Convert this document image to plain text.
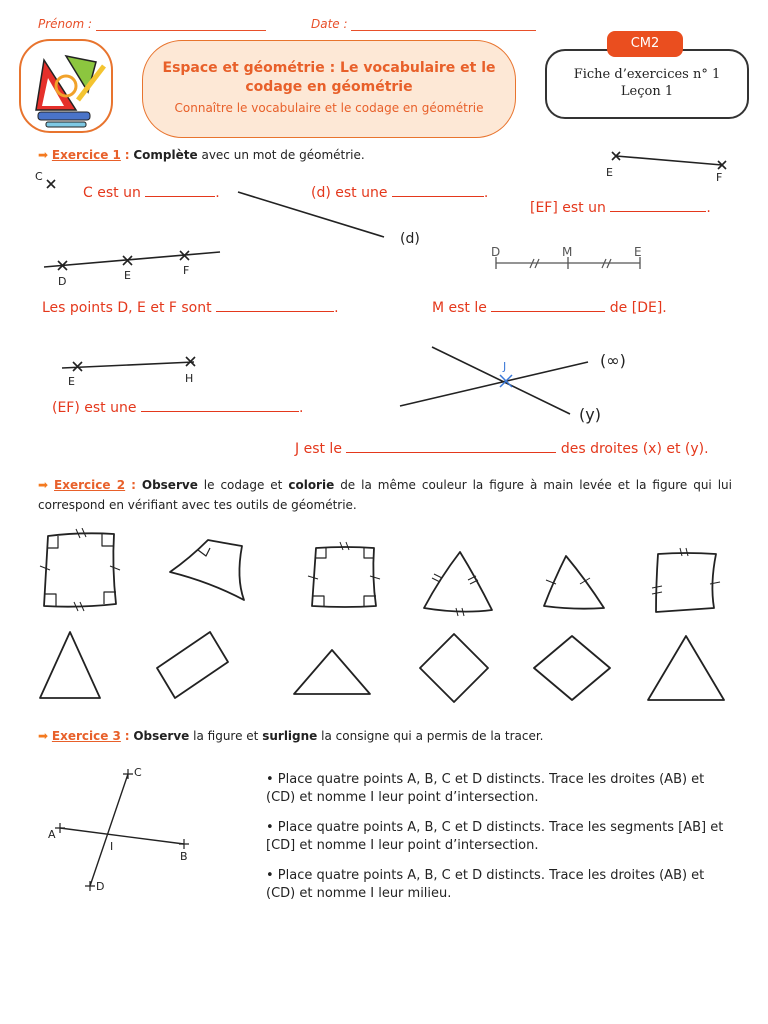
Prénom :	Date :
Espace et géométrie : Le vocabulaire et le
codage en géométrie
Connaître le vocabulaire et le codage en géométrie
Fiche d’exercices n° 1
Leçon 1
CM2
➡ Exercice 1 : Complète avec un mot de géométrie.
C	E	F
D	E	F
E	H
D	M	E
(d)
J	(∞)
(y)
C est un	.	(d) est une	.
[EF] est un	.
Les points D, E et F sont	.	M est le	de [DE].
(EF) est une	.
J est le	des droites (x) et (y).
➡ Exercice 2 : Observe le codage et colorie de la même couleur la figure à main levée et la figure qui lui correspond en vérifiant avec tes outils de géométrie.
➡ Exercice 3 : Observe la figure et surligne la consigne qui a permis de la tracer.
A
B
C
D
I
• Place quatre points A, B, C et D distincts. Trace les droites (AB) et (CD) et nomme I leur point d’intersection.
• Place quatre points A, B, C et D distincts. Trace les segments [AB] et [CD] et nomme I leur point d’intersection.
• Place quatre points A, B, C et D distincts. Trace les droites (AB) et (CD) et nomme I leur milieu.
